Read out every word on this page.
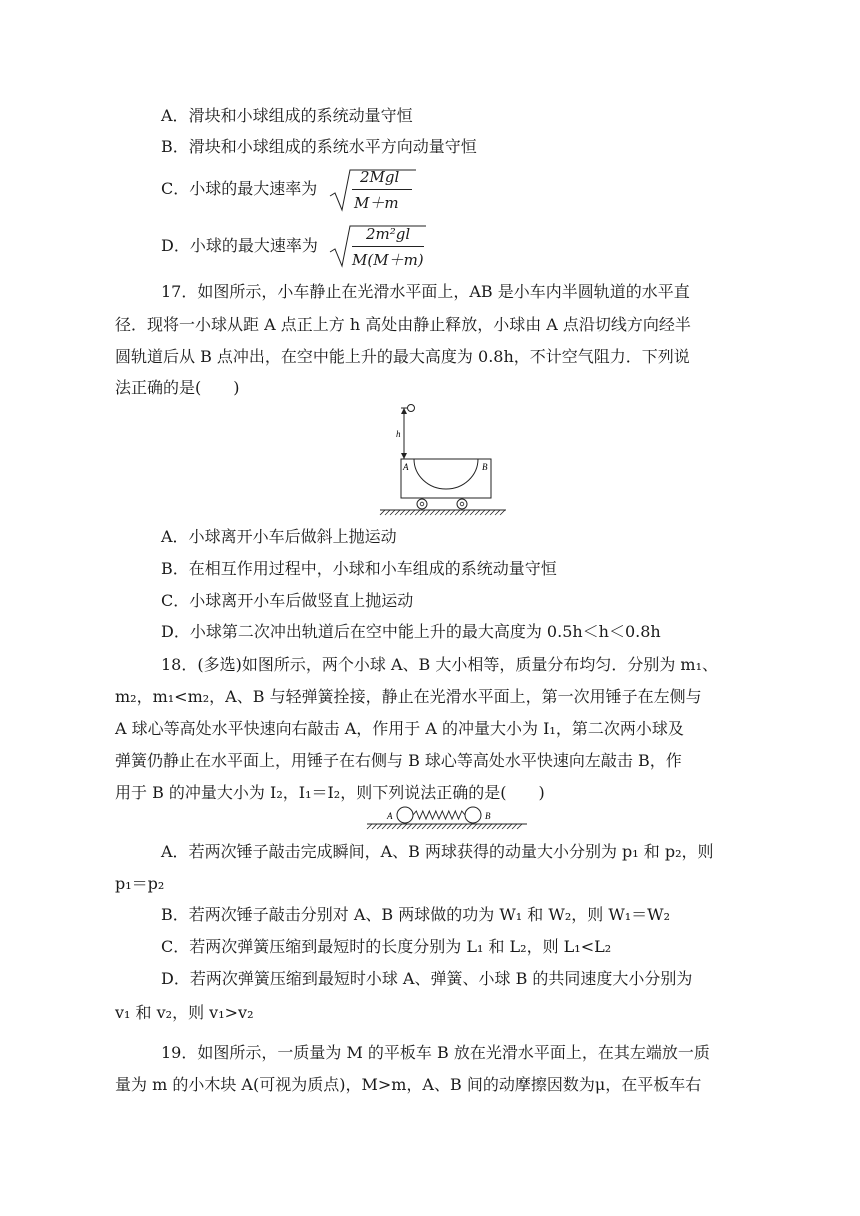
A．滑块和小球组成的系统动量守恒
B．滑块和小球组成的系统水平方向动量守恒
C．小球的最大速率为
2Mgl
M＋m
D．小球的最大速率为
2m²gl
M(M＋m)
17．如图所示，小车静止在光滑水平面上，AB 是小车内半圆轨道的水平直
径．现将一小球从距 A 点正上方 h 高处由静止释放，小球由 A 点沿切线方向经半
圆轨道后从 B 点冲出，在空中能上升的最大高度为 0.8h，不计空气阻力．下列说
法正确的是(　　)
h
A	B
A．小球离开小车后做斜上抛运动
B．在相互作用过程中，小球和小车组成的系统动量守恒
C．小球离开小车后做竖直上抛运动
D．小球第二次冲出轨道后在空中能上升的最大高度为 0.5h＜h＜0.8h
18．(多选)如图所示，两个小球 A、B 大小相等，质量分布均匀．分别为 m₁、
m₂，m₁<m₂，A、B 与轻弹簧拴接，静止在光滑水平面上，第一次用锤子在左侧与
A 球心等高处水平快速向右敲击 A，作用于 A 的冲量大小为 I₁，第二次两小球及
弹簧仍静止在水平面上，用锤子在右侧与 B 球心等高处水平快速向左敲击 B，作
用于 B 的冲量大小为 I₂，I₁＝I₂，则下列说法正确的是(　　)
A	B
A．若两次锤子敲击完成瞬间，A、B 两球获得的动量大小分别为 p₁ 和 p₂，则
p₁＝p₂
B．若两次锤子敲击分别对 A、B 两球做的功为 W₁ 和 W₂，则 W₁＝W₂
C．若两次弹簧压缩到最短时的长度分别为 L₁ 和 L₂，则 L₁<L₂
D．若两次弹簧压缩到最短时小球 A、弹簧、小球 B 的共同速度大小分别为
v₁ 和 v₂，则 v₁>v₂
19．如图所示，一质量为 M 的平板车 B 放在光滑水平面上，在其左端放一质
量为 m 的小木块 A(可视为质点)，M>m，A、B 间的动摩擦因数为μ，在平板车右
